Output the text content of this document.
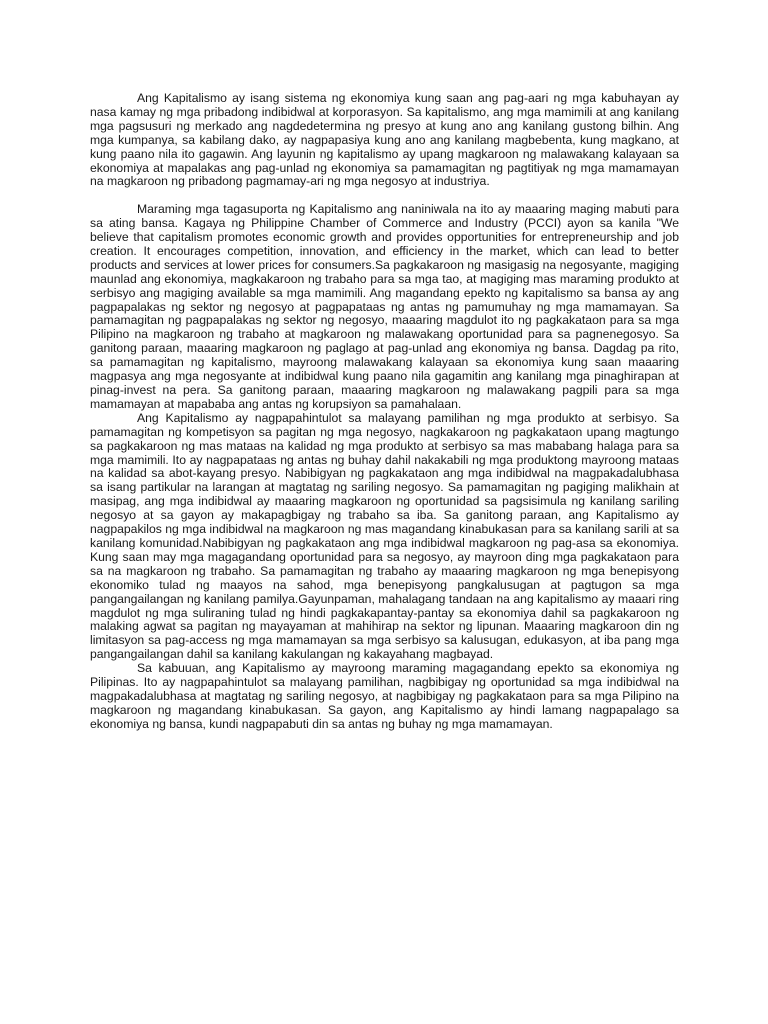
Ang Kapitalismo ay isang sistema ng ekonomiya kung saan ang pag-aari ng mga kabuhayan ay nasa kamay ng mga pribadong indibidwal at korporasyon. Sa kapitalismo, ang mga mamimili at ang kanilang mga pagsusuri ng merkado ang nagdedetermina ng presyo at kung ano ang kanilang gustong bilhin. Ang mga kumpanya, sa kabilang dako, ay nagpapasiya kung ano ang kanilang magbebenta, kung magkano, at kung paano nila ito gagawin. Ang layunin ng kapitalismo ay upang magkaroon ng malawakang kalayaan sa ekonomiya at mapalakas ang pag-unlad ng ekonomiya sa pamamagitan ng pagtitiyak ng mga mamamayan na magkaroon ng pribadong pagmamay-ari ng mga negosyo at industriya.

Maraming mga tagasuporta ng Kapitalismo ang naniniwala na ito ay maaaring maging mabuti para sa ating bansa. Kagaya ng Philippine Chamber of Commerce and Industry (PCCI) ayon sa kanila "We believe that capitalism promotes economic growth and provides opportunities for entrepreneurship and job creation. It encourages competition, innovation, and efficiency in the market, which can lead to better products and services at lower prices for consumers.Sa pagkakaroon ng masigasig na negosyante, magiging maunlad ang ekonomiya, magkakaroon ng trabaho para sa mga tao, at magiging mas maraming produkto at serbisyo ang magiging available sa mga mamimili. Ang magandang epekto ng kapitalismo sa bansa ay ang pagpapalakas ng sektor ng negosyo at pagpapataas ng antas ng pamumuhay ng mga mamamayan. Sa pamamagitan ng pagpapalakas ng sektor ng negosyo, maaaring magdulot ito ng pagkakataon para sa mga Pilipino na magkaroon ng trabaho at magkaroon ng malawakang oportunidad para sa pagnenegosyo. Sa ganitong paraan, maaaring magkaroon ng paglago at pag-unlad ang ekonomiya ng bansa. Dagdag pa rito, sa pamamagitan ng kapitalismo, mayroong malawakang kalayaan sa ekonomiya kung saan maaaring magpasya ang mga negosyante at indibidwal kung paano nila gagamitin ang kanilang mga pinaghirapan at pinag-invest na pera. Sa ganitong paraan, maaaring magkaroon ng malawakang pagpili para sa mga mamamayan at mapababa ang antas ng korupsiyon sa pamahalaan.

Ang Kapitalismo ay nagpapahintulot sa malayang pamilihan ng mga produkto at serbisyo. Sa pamamagitan ng kompetisyon sa pagitan ng mga negosyo, nagkakaroon ng pagkakataon upang magtungo sa pagkakaroon ng mas mataas na kalidad ng mga produkto at serbisyo sa mas mababang halaga para sa mga mamimili. Ito ay nagpapataas ng antas ng buhay dahil nakakabili ng mga produktong mayroong mataas na kalidad sa abot-kayang presyo. Nabibigyan ng pagkakataon ang mga indibidwal na magpakadalubhasa sa isang partikular na larangan at magtatag ng sariling negosyo. Sa pamamagitan ng pagiging malikhain at masipag, ang mga indibidwal ay maaaring magkaroon ng oportunidad sa pagsisimula ng kanilang sariling negosyo at sa gayon ay makapagbigay ng trabaho sa iba. Sa ganitong paraan, ang Kapitalismo ay nagpapakilos ng mga indibidwal na magkaroon ng mas magandang kinabukasan para sa kanilang sarili at sa kanilang komunidad.Nabibigyan ng pagkakataon ang mga indibidwal magkaroon ng pag-asa sa ekonomiya. Kung saan may mga magagandang oportunidad para sa negosyo, ay mayroon ding mga pagkakataon para sa na magkaroon ng trabaho. Sa pamamagitan ng trabaho ay maaaring magkaroon ng mga benepisyong ekonomiko tulad ng maayos na sahod, mga benepisyong pangkalusugan at pagtugon sa mga pangangailangan ng kanilang pamilya.Gayunpaman, mahalagang tandaan na ang kapitalismo ay maaari ring magdulot ng mga suliraning tulad ng hindi pagkakapantay-pantay sa ekonomiya dahil sa pagkakaroon ng malaking agwat sa pagitan ng mayayaman at mahihirap na sektor ng lipunan. Maaaring magkaroon din ng limitasyon sa pag-access ng mga mamamayan sa mga serbisyo sa kalusugan, edukasyon, at iba pang mga pangangailangan dahil sa kanilang kakulangan ng kakayahang magbayad.

Sa kabuuan, ang Kapitalismo ay mayroong maraming magagandang epekto sa ekonomiya ng Pilipinas. Ito ay nagpapahintulot sa malayang pamilihan, nagbibigay ng oportunidad sa mga indibidwal na magpakadalubhasa at magtatag ng sariling negosyo, at nagbibigay ng pagkakataon para sa mga Pilipino na magkaroon ng magandang kinabukasan. Sa gayon, ang Kapitalismo ay hindi lamang nagpapalago sa ekonomiya ng bansa, kundi nagpapabuti din sa antas ng buhay ng mga mamamayan.
